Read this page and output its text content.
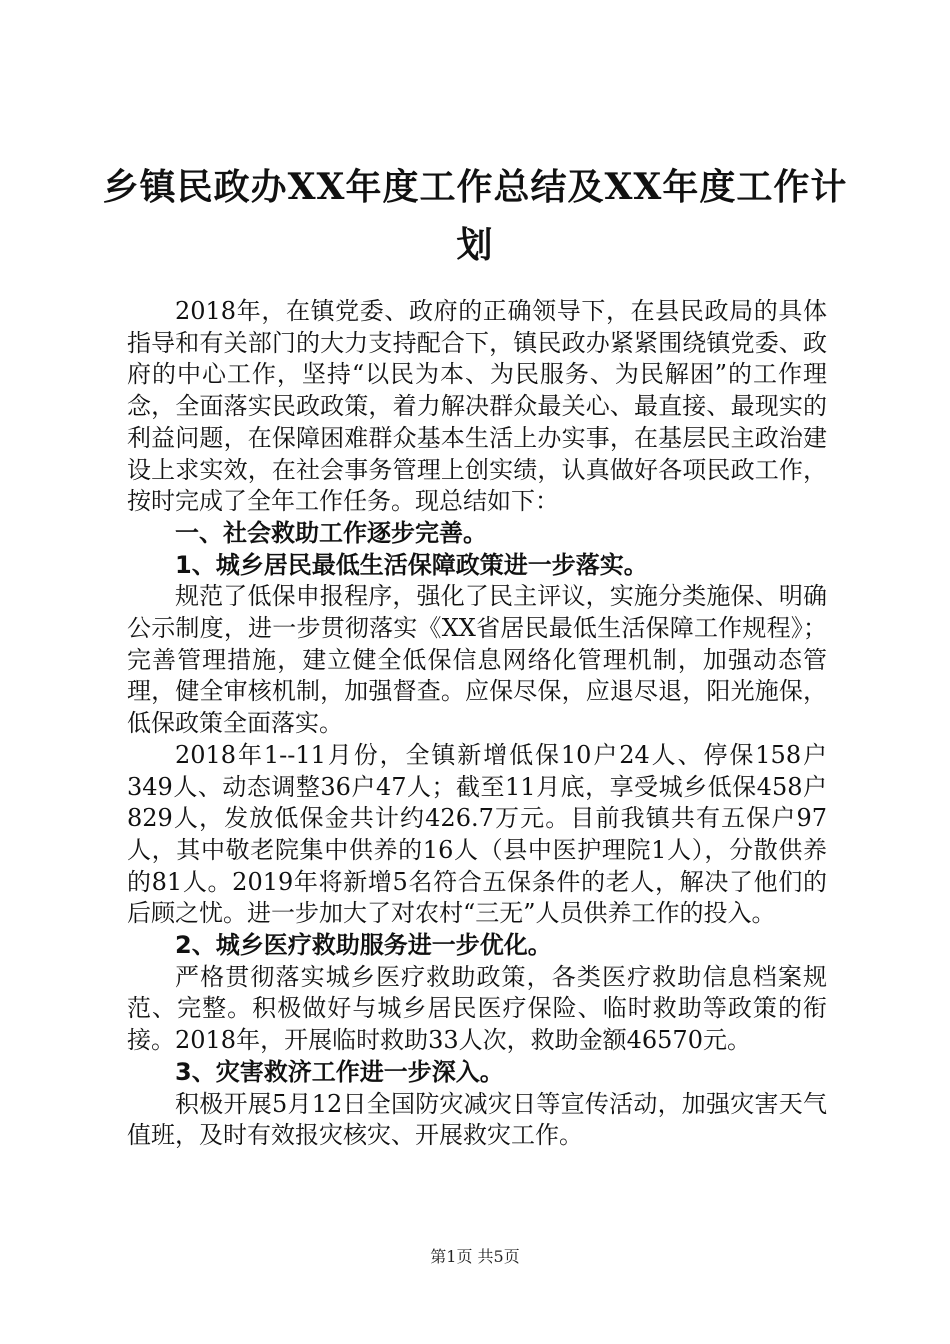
乡镇民政办XX年度工作总结及XX年度工作计划

2018年，在镇党委、政府的正确领导下，在县民政局的具体指导和有关部门的大力支持配合下，镇民政办紧紧围绕镇党委、政府的中心工作，坚持“以民为本、为民服务、为民解困”的工作理念，全面落实民政政策，着力解决群众最关心、最直接、最现实的利益问题，在保障困难群众基本生活上办实事，在基层民主政治建设上求实效，在社会事务管理上创实绩，认真做好各项民政工作，按时完成了全年工作任务。现总结如下：

一、社会救助工作逐步完善。
1、城乡居民最低生活保障政策进一步落实。

规范了低保申报程序，强化了民主评议，实施分类施保、明确公示制度，进一步贯彻落实《XX省居民最低生活保障工作规程》；完善管理措施，建立健全低保信息网络化管理机制，加强动态管理，健全审核机制，加强督查。应保尽保，应退尽退，阳光施保，低保政策全面落实。

2018年1--11月份，全镇新增低保10户24人、停保158户349人、动态调整36户47人；截至11月底，享受城乡低保458户829人，发放低保金共计约426.7万元。目前我镇共有五保户97人，其中敬老院集中供养的16人（县中医护理院1人），分散供养的81人。2019年将新增5名符合五保条件的老人，解决了他们的后顾之忧。进一步加大了对农村“三无”人员供养工作的投入。

2、城乡医疗救助服务进一步优化。

严格贯彻落实城乡医疗救助政策，各类医疗救助信息档案规范、完整。积极做好与城乡居民医疗保险、临时救助等政策的衔接。2018年，开展临时救助33人次，救助金额46570元。

3、灾害救济工作进一步深入。

积极开展5月12日全国防灾减灾日等宣传活动，加强灾害天气值班，及时有效报灾核灾、开展救灾工作。

第1页 共5页
